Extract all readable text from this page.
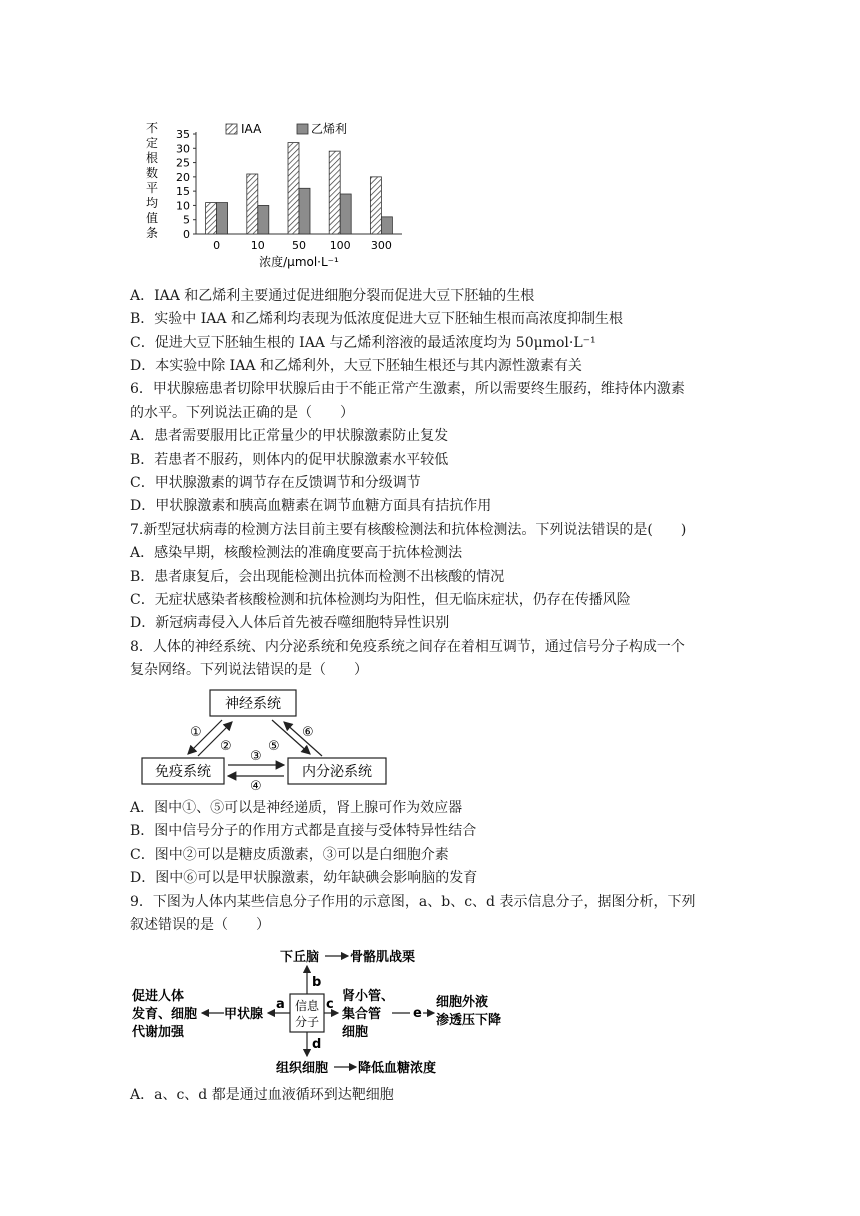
不
定
根
数
平
均
值
条 0
5
10
15
20
25
30
35
0	10 50 100 300
IAA	乙烯利
浓度/μmol·L⁻¹
A．IAA 和乙烯利主要通过促进细胞分裂而促进大豆下胚轴的生根
B．实验中 IAA 和乙烯利均表现为低浓度促进大豆下胚轴生根而高浓度抑制生根
C．促进大豆下胚轴生根的 IAA 与乙烯利溶液的最适浓度均为 50μmol·L⁻¹
D．本实验中除 IAA 和乙烯利外，大豆下胚轴生根还与其内源性激素有关
6．甲状腺癌患者切除甲状腺后由于不能正常产生激素，所以需要终生服药，维持体内激素
的水平。下列说法正确的是（　　）
A．患者需要服用比正常量少的甲状腺激素防止复发
B．若患者不服药，则体内的促甲状腺激素水平较低
C．甲状腺激素的调节存在反馈调节和分级调节
D．甲状腺激素和胰高血糖素在调节血糖方面具有拮抗作用
7.新型冠状病毒的检测方法目前主要有核酸检测法和抗体检测法。下列说法错误的是(　　)
A．感染早期，核酸检测法的准确度要高于抗体检测法
B．患者康复后，会出现能检测出抗体而检测不出核酸的情况
C．无症状感染者核酸检测和抗体检测均为阳性，但无临床症状，仍存在传播风险
D．新冠病毒侵入人体后首先被吞噬细胞特异性识别
8．人体的神经系统、内分泌系统和免疫系统之间存在着相互调节，通过信号分子构成一个
复杂网络。下列说法错误的是（　　）
神经系统
免疫系统	内分泌系统
①
②
③
④
⑤
⑥
A．图中①、⑤可以是神经递质，肾上腺可作为效应器
B．图中信号分子的作用方式都是直接与受体特异性结合
C．图中②可以是糖皮质激素，③可以是白细胞介素
D．图中⑥可以是甲状腺激素，幼年缺碘会影响脑的发育
9．下图为人体内某些信息分子作用的示意图，a、b、c、d 表示信息分子，据图分析，下列
叙述错误的是（　　）
信息
分子
b
下丘脑 骨骼肌战栗
a
甲状腺
促进人体
发育、细胞
代谢加强
c
肾小管、
集合管
细胞
e
细胞外液
渗透压下降
d
组织细胞 降低血糖浓度
A．a、c、d 都是通过血液循环到达靶细胞
